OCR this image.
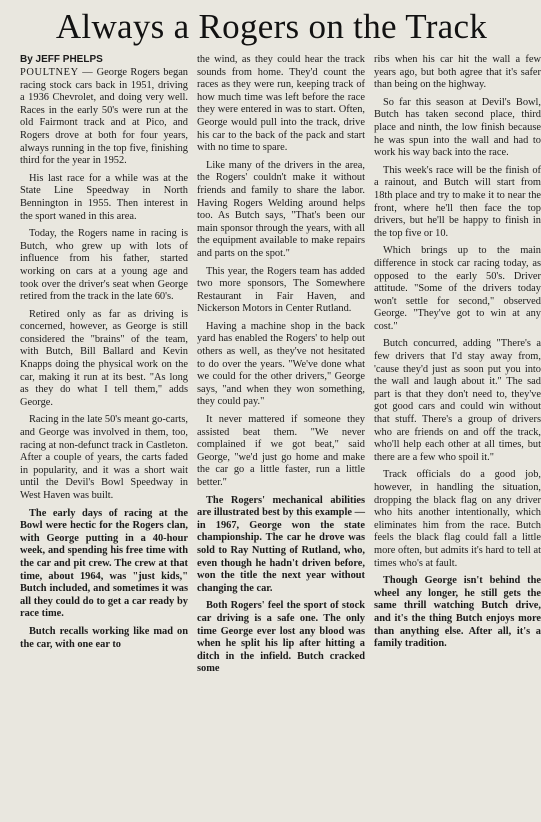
Always a Rogers on the Track
By JEFF PHELPS

POULTNEY — George Rogers began racing stock cars back in 1951, driving a 1936 Chevrolet, and doing very well. Races in the early 50's were run at the old Fairmont track and at Pico, and Rogers drove at both for four years, always running in the top five, finishing third for the year in 1952.

His last race for a while was at the State Line Speedway in North Bennington in 1955. Then interest in the sport waned in this area.

Today, the Rogers name in racing is Butch, who grew up with lots of influence from his father, started working on cars at a young age and took over the driver's seat when George retired from the track in the late 60's.

Retired only as far as driving is concerned, however, as George is still considered the "brains" of the team, with Butch, Bill Ballard and Kevin Knapps doing the physical work on the car, making it run at its best. "As long as they do what I tell them," adds George.

Racing in the late 50's meant go-carts, and George was involved in them, too, racing at non-defunct track in Castleton. After a couple of years, the carts faded in popularity, and it was a short wait until the Devil's Bowl Speedway in West Haven was built.

The early days of racing at the Bowl were hectic for the Rogers clan, with George putting in a 40-hour week, and spending his free time with the car and pit crew. The crew at that time, about 1964, was "just kids," Butch included, and sometimes it was all they could do to get a car ready by race time.

Butch recalls working like mad on the car, with one ear to

the wind, as they could hear the track sounds from home. They'd count the races as they were run, keeping track of how much time was left before the race they were entered in was to start. Often, George would pull into the track, drive his car to the back of the pack and start with no time to spare.

Like many of the drivers in the area, the Rogers' couldn't make it without friends and family to share the labor. Having Rogers Welding around helps too. As Butch says, "That's been our main sponsor through the years, with all the equipment available to make repairs and parts on the spot."

This year, the Rogers team has added two more sponsors, The Somewhere Restaurant in Fair Haven, and Nickerson Motors in Center Rutland.

Having a machine shop in the back yard has enabled the Rogers' to help out others as well, as they've not hesitated to do over the years. "We've done what we could for the other drivers," George says, "and when they won something, they could pay."

It never mattered if someone they assisted beat them. "We never complained if we got beat," said George, "we'd just go home and make the car go a little faster, run a little better."

The Rogers' mechanical abilities are illustrated best by this example — in 1967, George won the state championship. The car he drove was sold to Ray Nutting of Rutland, who, even though he hadn't driven before, won the title the next year without changing the car.

Both Rogers' feel the sport of stock car driving is a safe one. The only time George ever lost any blood was when he split his lip after hitting a ditch in the infield. Butch cracked some

ribs when his car hit the wall a few years ago, but both agree that it's safer than being on the highway.

So far this season at Devil's Bowl, Butch has taken second place, third place and ninth, the low finish because he was spun into the wall and had to work his way back into the race.

This week's race will be the finish of a rainout, and Butch will start from 18th place and try to make it to near the front, where he'll then face the top drivers, but he'll be happy to finish in the top five or 10.

Which brings up to the main difference in stock car racing today, as opposed to the early 50's. Driver attitude. "Some of the drivers today won't settle for second," observed George. "They've got to win at any cost."

Butch concurred, adding "There's a few drivers that I'd stay away from, 'cause they'd just as soon put you into the wall and laugh about it." The sad part is that they don't need to, they've got good cars and could win without that stuff. There's a group of drivers who are friends on and off the track, who'll help each other at all times, but there are a few who spoil it."

Track officials do a good job, however, in handling the situation, dropping the black flag on any driver who hits another intentionally, which eliminates him from the race. Butch feels the black flag could fall a little more often, but admits it's hard to tell at times who's at fault.

Though George isn't behind the wheel any longer, he still gets the same thrill watching Butch drive, and it's the thing Butch enjoys more than anything else. After all, it's a family tradition.
